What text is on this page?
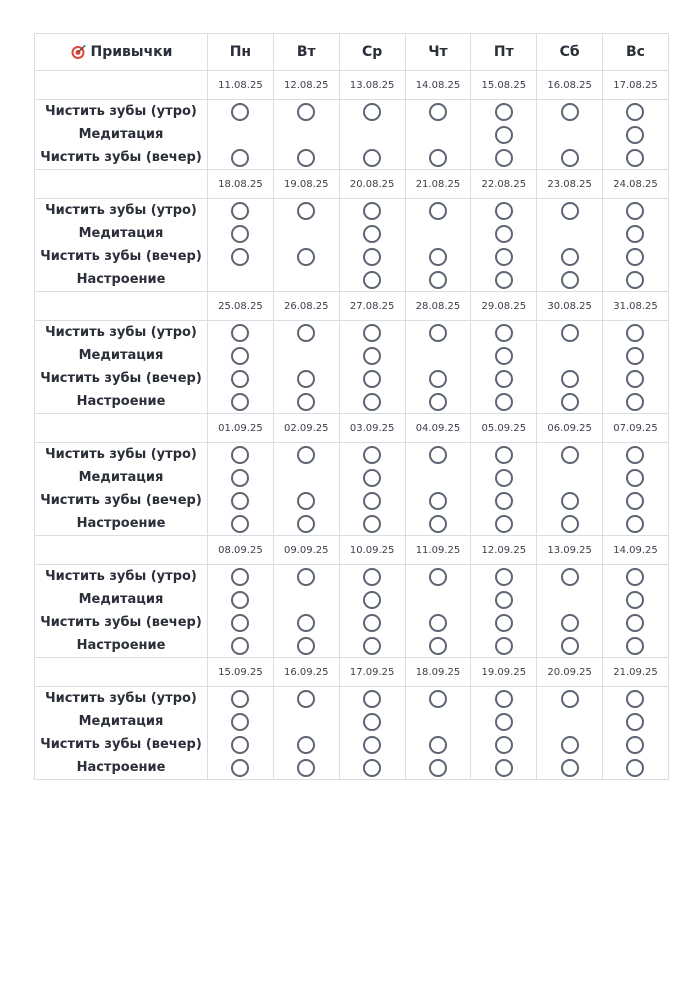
Привычки	Пн	Вт	Ср	Чт	Пт	Сб	Вс
	11.08.25	12.08.25	13.08.25	14.08.25	15.08.25	16.08.25	17.08.25

Чистить зубы (утро)
Медитация
Чистить зубы (вечер)							

	18.08.25	19.08.25	20.08.25	21.08.25	22.08.25	23.08.25	24.08.25

Чистить зубы (утро)
Медитация
Чистить зубы (вечер)
Настроение							

	25.08.25	26.08.25	27.08.25	28.08.25	29.08.25	30.08.25	31.08.25

Чистить зубы (утро)
Медитация
Чистить зубы (вечер)
Настроение							

	01.09.25	02.09.25	03.09.25	04.09.25	05.09.25	06.09.25	07.09.25

Чистить зубы (утро)
Медитация
Чистить зубы (вечер)
Настроение							

	08.09.25	09.09.25	10.09.25	11.09.25	12.09.25	13.09.25	14.09.25

Чистить зубы (утро)
Медитация
Чистить зубы (вечер)
Настроение							

	15.09.25	16.09.25	17.09.25	18.09.25	19.09.25	20.09.25	21.09.25

Чистить зубы (утро)
Медитация
Чистить зубы (вечер)
Настроение							
